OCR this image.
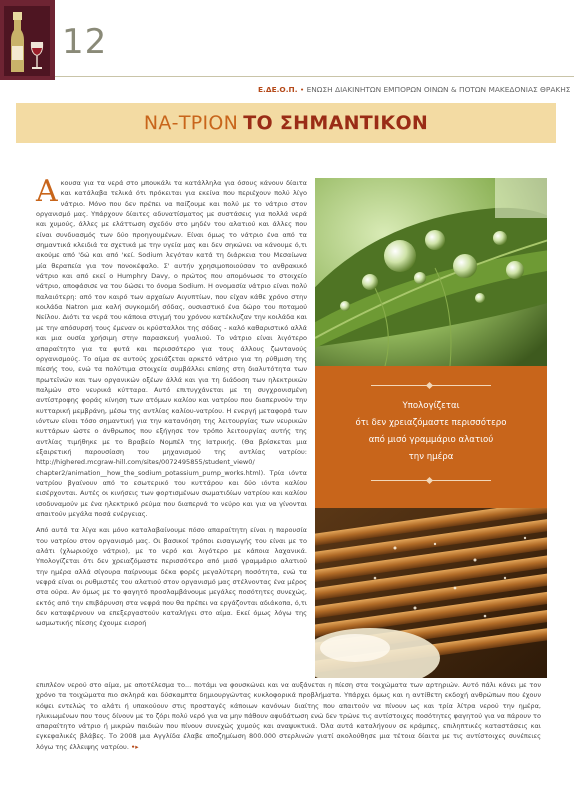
12
Ε.ΔΕ.Ο.Π. • ΕΝΩΣΗ ΔΙΑΚΙΝΗΤΩΝ ΕΜΠΟΡΩΝ ΟΙΝΩΝ & ΠΟΤΩΝ ΜΑΚΕΔΟΝΙΑΣ ΘΡΑΚΗΣ
ΝΑ-ΤΡΙΟΝ ΤΟ ΣΗΜΑΝΤΙΚΟΝ

Ακουσα για τα νερά στο μπουκάλι τα κατάλληλα για όσους κάνουν δίαιτα και κατάλαβα τελικά ότι πρόκειται για εκείνα που περιέχουν πολύ λίγο νάτριο. Μόνο που δεν πρέπει να παίζουμε και πολύ με το νάτριο στον οργανισμό μας. Υπάρχουν δίαιτες αδυνατίσματος με συστάσεις για πολλά νερά και χυμούς, άλλες με ελάττωση σχεδόν στο μηδέν του αλατιού και άλλες που είναι συνδυασμός των δύο προηγουμένων. Είναι όμως το νάτριο ένα από τα σημαντικά κλειδιά τα σχετικά με την υγεία μας και δεν σηκώνει να κάνουμε ό,τι ακούμε από 'δώ και από 'κεί. Sodium λεγόταν κατά τη διάρκεια του Μεσαίωνα μία θεραπεία για τον πονοκέφαλο. Σ' αυτήν χρησιμοποιούσαν το ανθρακικό νάτριο και από εκεί ο Humphry Davy, ο πρώτος που απομόνωσε το στοιχείο νάτριο, αποφάσισε να του δώσει το όνομα Sodium. Η ονομασία νάτριο είναι πολύ παλαιότερη: από τον καιρό των αρχαίων Αιγυπτίων, που είχαν κάθε χρόνο στην κοιλάδα Natron μια καλή συγκομιδή σόδας, ουσιαστικό ένα δώρο του ποταμού Νείλου. Διότι τα νερά του κάποια στιγμή του χρόνου κατέκλυζαν την κοιλάδα και με την απόσυρσή τους έμεναν οι κρύσταλλοι της σόδας - καλό καθαριστικό αλλά και μια ουσία χρήσιμη στην παρασκευή γυαλιού. Το νάτριο είναι λιγότερο απαραίτητο για τα φυτά και περισσότερο για τους άλλους ζωντανούς οργανισμούς. Το αίμα σε αυτούς χρειάζεται αρκετό νάτριο για τη ρύθμιση της πίεσής του, ενώ τα πολύτιμα στοιχεία συμβάλλει επίσης στη διαλυτότητα των πρωτεϊνών και των οργανικών οξέων άλλά και για τη διάδοση των ηλεκτρικών παλμών στο νευρικά κύτταρα. Αυτό επιτυγχάνεται με τη συγχρονισμένη αντίστροφης φοράς κίνηση των ατόμων καλίου και νατρίου που διαπερνούν την κυτταρική μεμβράνη, μέσω της αντλίας καλίου-νατρίου. Η ενεργή μεταφορά των ιόντων είναι τόσο σημαντική για την κατανόηση της λειτουργίας των νευρικών κυττάρων ώστε ο άνθρωπος που εξήγησε τον τρόπο λειτουργίας αυτής της αντλίας τιμήθηκε με το Βραβείο Νομπέλ της Ιατρικής. (Θα βρίσκεται μια εξαιρετική παρουσίαση του μηχανισμού της αντλίας νατρίου: http://highered.mcgraw-hill.com/sites/0072495855/student_view0/ chapter2/animation__how_the_sodium_potassium_pump_works.html). Τρία ιόντα νατρίου βγαίνουν από το εσωτερικό του κυττάρου και δύο ιόντα καλίου εισέρχονται. Αυτές οι κινήσεις των φορτισμένων σωματιδίων νατρίου και καλίου ισοδυναμούν με ένα ηλεκτρικό ρεύμα που διαπερνά το νεύρο και για να γίνονται απαιτούν μεγάλα ποσά ενέργειας.

Από αυτά τα λίγα και μόνο καταλαβαίνουμε πόσο απαραίτητη είναι η παρουσία του νατρίου στον οργανισμό μας. Οι βασικοί τρόποι εισαγωγής του είναι με το αλάτι (χλωριούχο νάτριο), με το νερό και λιγότερο με κάποια λαχανικά. Υπολογίζεται ότι δεν χρειαζόμαστε περισσότερο από μισό γραμμάριο αλατιού την ημέρα αλλά σίγουρα παίρνουμε δέκα φορές μεγαλύτερη ποσότητα, ενώ τα νεφρά είναι οι ρυθμιστές του αλατιού στον οργανισμό μας στέλνοντας ένα μέρος στα ούρα. Αν όμως με το φαγητό προσλαμβάνουμε μεγάλες ποσότητες συνεχώς, εκτός από την επιβάρυνση στα νεφρά που θα πρέπει να εργάζονται αδιάκοπα, ό,τι δεν καταφέρνουν να επεξεργαστούν καταλήγει στο αίμα. Εκεί όμως λόγω της ωσμωτικής πίεσης έχουμε εισροή

Υπολογίζεται
ότι δεν χρειαζόμαστε περισσότερο
από μισό γραμμάριο αλατιού
την ημέρα
επιπλέον νερού στο αίμα, με αποτέλεσμα το... ποτάμι να φουσκώνει και να αυξάνεται η πίεση στα τοιχώματα των αρτηριών. Αυτό πάλι κάνει με τον χρόνο τα τοιχώματα πιο σκληρά και δύσκαμπτα δημιουργώντας κυκλοφορικά προβλήματα. Υπάρχει όμως και η αντίθετη εκδοχή ανθρώπων που έχουν κόψει εντελώς το αλάτι ή υπακούουν στις προσταγές κάποιων κανόνων διαίτης που απαιτούν να πίνουν ως και τρία λίτρα νερού την ημέρα, ηλικιωμένων που τους δίνουν με το ζόρι πολύ νερό για να μην πάθουν αφυδάτωση ενώ δεν τρώνε τις αντίστοιχες ποσότητες φαγητού για να πάρουν το απαραίτητο νάτριο ή μικρών παιδιών που πίνουν συνεχώς χυμούς και αναψυκτικά. Όλα αυτά καταλήγουν σε κράμπες, επιληπτικές καταστάσεις και εγκεφαλικές βλάβες. Το 2008 μια Αγγλίδα έλαβε αποζημίωση 800.000 στερλινών γιατί ακολούθησε μια τέτοια δίαιτα με τις αντίστοιχες συνέπειες λόγω της έλλειψης νατρίου. •▸
